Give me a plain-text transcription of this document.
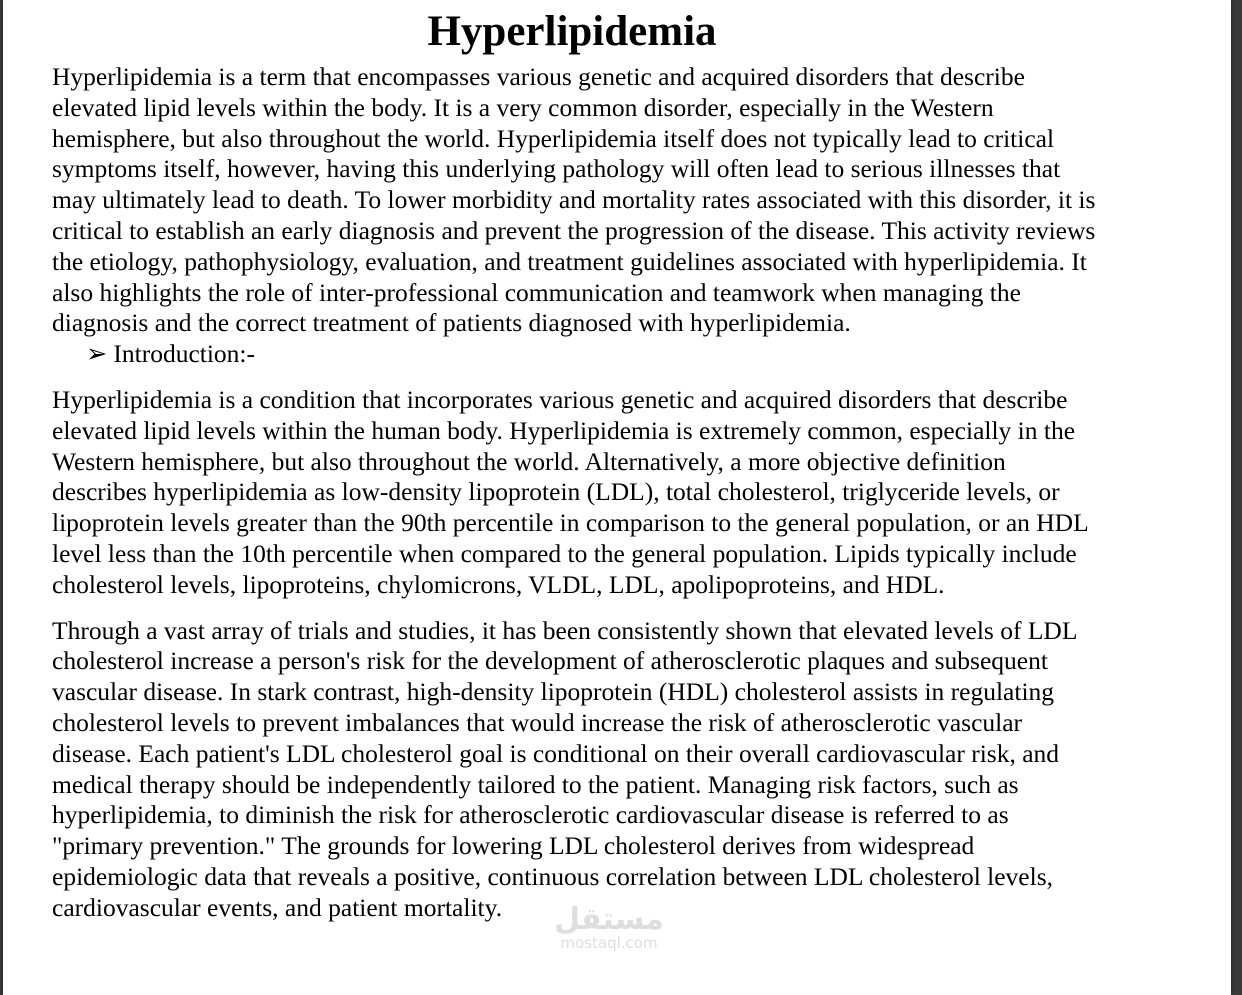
Hyperlipidemia

Hyperlipidemia is a term that encompasses various genetic and acquired disorders that describe elevated lipid levels within the body. It is a very common disorder, especially in the Western hemisphere, but also throughout the world. Hyperlipidemia itself does not typically lead to critical symptoms itself, however, having this underlying pathology will often lead to serious illnesses that may ultimately lead to death. To lower morbidity and mortality rates associated with this disorder, it is critical to establish an early diagnosis and prevent the progression of the disease. This activity reviews the etiology, pathophysiology, evaluation, and treatment guidelines associated with hyperlipidemia. It also highlights the role of inter-professional communication and teamwork when managing the diagnosis and the correct treatment of patients diagnosed with hyperlipidemia.

➢ Introduction:-

Hyperlipidemia is a condition that incorporates various genetic and acquired disorders that describe elevated lipid levels within the human body. Hyperlipidemia is extremely common, especially in the Western hemisphere, but also throughout the world. Alternatively, a more objective definition describes hyperlipidemia as low-density lipoprotein (LDL), total cholesterol, triglyceride levels, or lipoprotein levels greater than the 90th percentile in comparison to the general population, or an HDL level less than the 10th percentile when compared to the general population. Lipids typically include cholesterol levels, lipoproteins, chylomicrons, VLDL, LDL, apolipoproteins, and HDL.

Through a vast array of trials and studies, it has been consistently shown that elevated levels of LDL cholesterol increase a person's risk for the development of atherosclerotic plaques and subsequent vascular disease. In stark contrast, high-density lipoprotein (HDL) cholesterol assists in regulating cholesterol levels to prevent imbalances that would increase the risk of atherosclerotic vascular disease. Each patient's LDL cholesterol goal is conditional on their overall cardiovascular risk, and medical therapy should be independently tailored to the patient. Managing risk factors, such as hyperlipidemia, to diminish the risk for atherosclerotic cardiovascular disease is referred to as "primary prevention." The grounds for lowering LDL cholesterol derives from widespread epidemiologic data that reveals a positive, continuous correlation between LDL cholesterol levels, cardiovascular events, and patient mortality.	مستقل
mostaql.com
